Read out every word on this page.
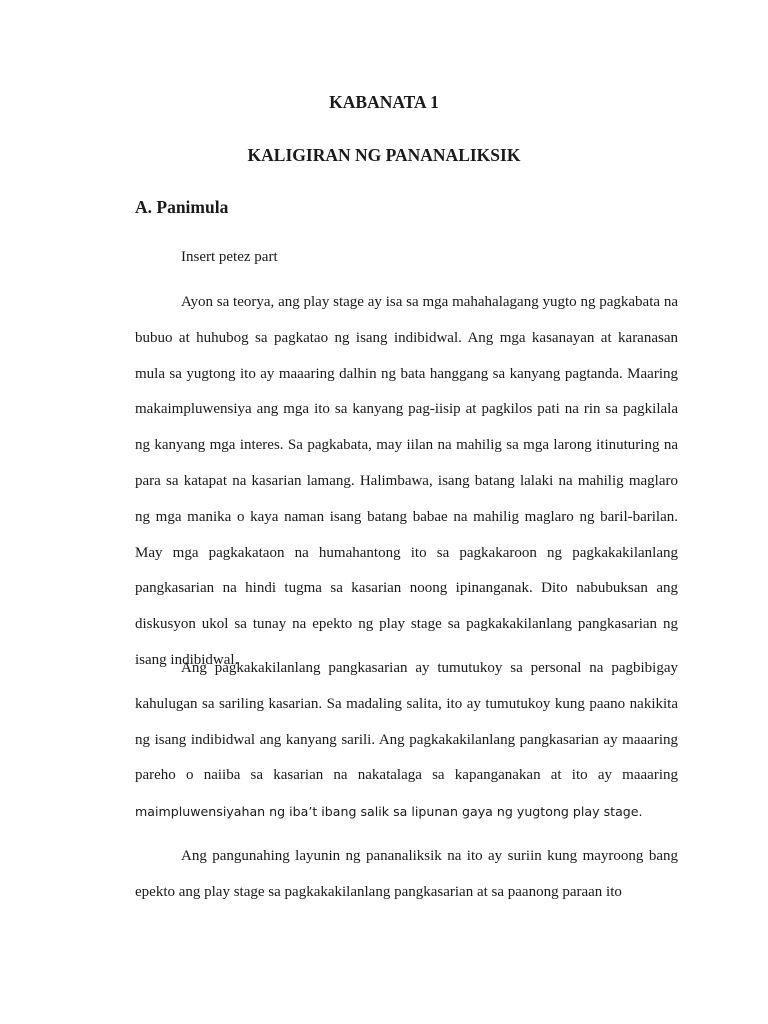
KABANATA 1
KALIGIRAN NG PANANALIKSIK
A. Panimula
Insert petez part

Ayon sa teorya, ang play stage ay isa sa mga mahahalagang yugto ng pagkabata na bubuo at huhubog sa pagkatao ng isang indibidwal. Ang mga kasanayan at karanasan mula sa yugtong ito ay maaaring dalhin ng bata hanggang sa kanyang pagtanda. Maaring makaimpluwensiya ang mga ito sa kanyang pag-iisip at pagkilos pati na rin sa pagkilala ng kanyang mga interes. Sa pagkabata, may iilan na mahilig sa mga larong itinuturing na para sa katapat na kasarian lamang. Halimbawa, isang batang lalaki na mahilig maglaro ng mga manika o kaya naman isang batang babae na mahilig maglaro ng baril-barilan. May mga pagkakataon na humahantong ito sa pagkakaroon ng pagkakakilanlang pangkasarian na hindi tugma sa kasarian noong ipinanganak. Dito nabubuksan ang diskusyon ukol sa tunay na epekto ng play stage sa pagkakakilanlang pangkasarian ng isang indibidwal.

Ang pagkakakilanlang pangkasarian ay tumutukoy sa personal na pagbibigay kahulugan sa sariling kasarian. Sa madaling salita, ito ay tumutukoy kung paano nakikita ng isang indibidwal ang kanyang sarili. Ang pagkakakilanlang pangkasarian ay maaaring pareho o naiiba sa kasarian na nakatalaga sa kapanganakan at ito ay maaaring maimpluwensiyahan ng iba’t ibang salik sa lipunan gaya ng yugtong play stage.

Ang pangunahing layunin ng pananaliksik na ito ay suriin kung mayroong bang epekto ang play stage sa pagkakakilanlang pangkasarian at sa paanong paraan ito
